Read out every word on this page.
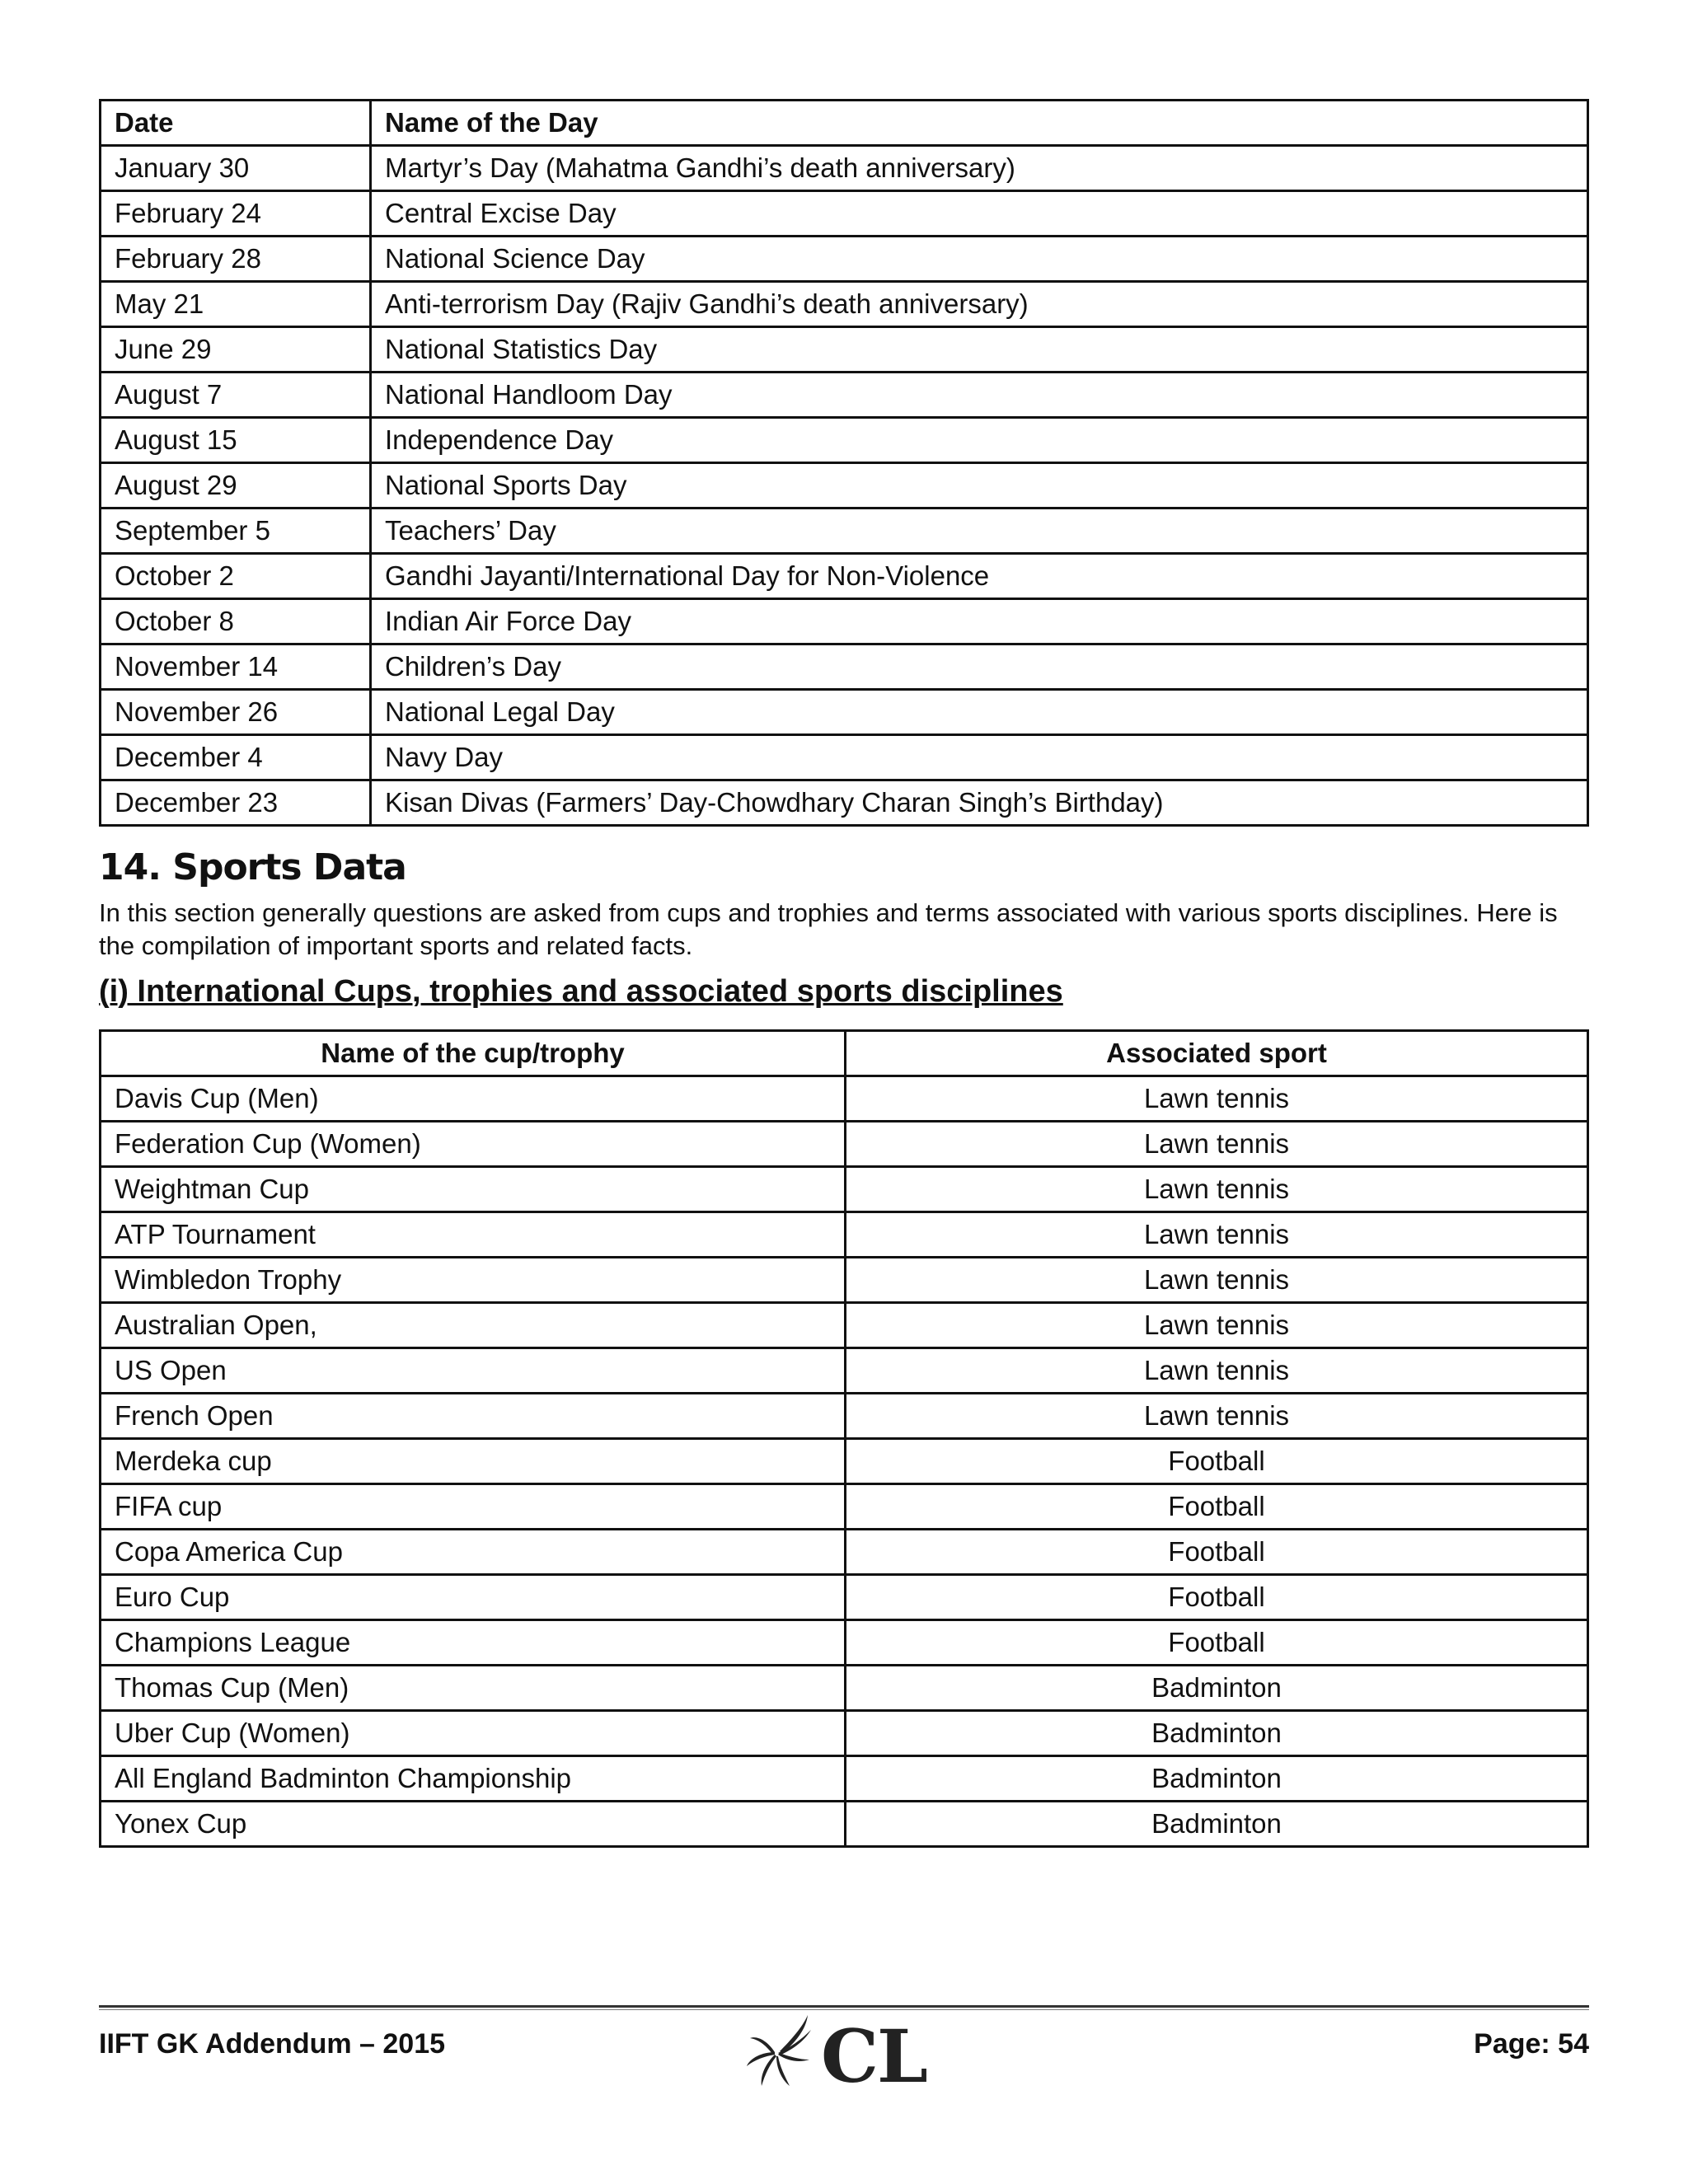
Date	Name of the Day
January 30	Martyr’s Day (Mahatma Gandhi’s death anniversary)
February 24	Central Excise Day
February 28	National Science Day
May 21	Anti-terrorism Day (Rajiv Gandhi’s death anniversary)
June 29	National Statistics Day
August 7	National Handloom Day
August 15	Independence Day
August 29	National Sports Day
September 5	Teachers’ Day
October 2	Gandhi Jayanti/International Day for Non-Violence
October 8	Indian Air Force Day
November 14	Children’s Day
November 26	National Legal Day
December 4	Navy Day
December 23	Kisan Divas (Farmers’ Day-Chowdhary Charan Singh’s Birthday)
14. Sports Data

In this section generally questions are asked from cups and trophies and terms associated with various sports disciplines. Here is the compilation of important sports and related facts.

(i) International Cups, trophies and associated sports disciplines
Name of the cup/trophy	Associated sport
Davis Cup (Men)	Lawn tennis
Federation Cup (Women)	Lawn tennis
Weightman Cup	Lawn tennis
ATP Tournament	Lawn tennis
Wimbledon Trophy	Lawn tennis
Australian Open,	Lawn tennis
US Open	Lawn tennis
French Open	Lawn tennis
Merdeka cup	Football
FIFA cup	Football
Copa America Cup	Football
Euro Cup	Football
Champions League	Football
Thomas Cup (Men)	Badminton
Uber Cup (Women)	Badminton
All England Badminton Championship	Badminton
Yonex Cup	Badminton
IIFT GK Addendum – 2015	CL	Page: 54
